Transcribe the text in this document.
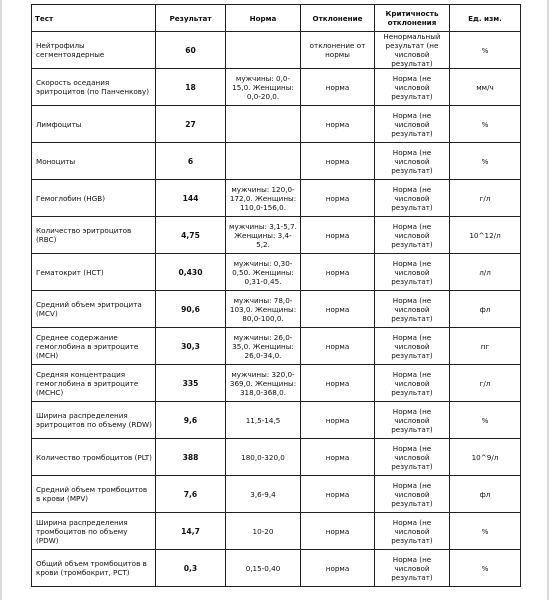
Тест	Результат	Норма	Отклонение	Критичность отклонения	Ед. изм.
Нейтрофилы сегментоядерные	60		отклонение от нормы	Ненормальный результат (не числовой результат)	%
Скорость оседания эритроцитов (по Панченкову)	18	мужчины: 0,0-15,0. Женщины: 0,0-20,0.	норма	Норма (не числовой результат)	мм/ч
Лимфоциты	27		норма	Норма (не числовой результат)	%
Моноциты	6		норма	Норма (не числовой результат)	%
Гемоглобин (HGB)	144	мужчины: 120,0-172,0. Женщины: 110,0-156,0.	норма	Норма (не числовой результат)	г/л
Количество эритроцитов (RBC)	4,75	мужчины: 3,1-5,7. Женщины: 3,4-5,2.	норма	Норма (не числовой результат)	10^12/л
Гематокрит (HCT)	0,430	мужчины: 0,30-0,50. Женщины: 0,31-0,45.	норма	Норма (не числовой результат)	л/л
Средний объем эритроцита (MCV)	90,6	мужчины: 78,0-103,0. Женщины: 80,0-100,0.	норма	Норма (не числовой результат)	фл
Среднее содержание гемоглобина в эритроците (MCH)	30,3	мужчины: 26,0-35,0. Женщины: 26,0-34,0.	норма	Норма (не числовой результат)	пг
Средняя концентрация гемоглобина в эритроците (MCHC)	335	мужчины: 320,0-369,0. Женщины: 318,0-368,0.	норма	Норма (не числовой результат)	г/л
Ширина распределения эритроцитов по объему (RDW)	9,6	11,5-14,5	норма	Норма (не числовой результат)	%
Количество тромбоцитов (PLT)	388	180,0-320,0	норма	Норма (не числовой результат)	10^9/л
Средний объем тромбоцитов в крови (MPV)	7,6	3,6-9,4	норма	Норма (не числовой результат)	фл
Ширина распределения тромбоцитов по объему (PDW)	14,7	10-20	норма	Норма (не числовой результат)	%
Общий объем тромбоцитов в крови (тромбокрит, PCT)	0,3	0,15-0,40	норма	Норма (не числовой результат)	%
